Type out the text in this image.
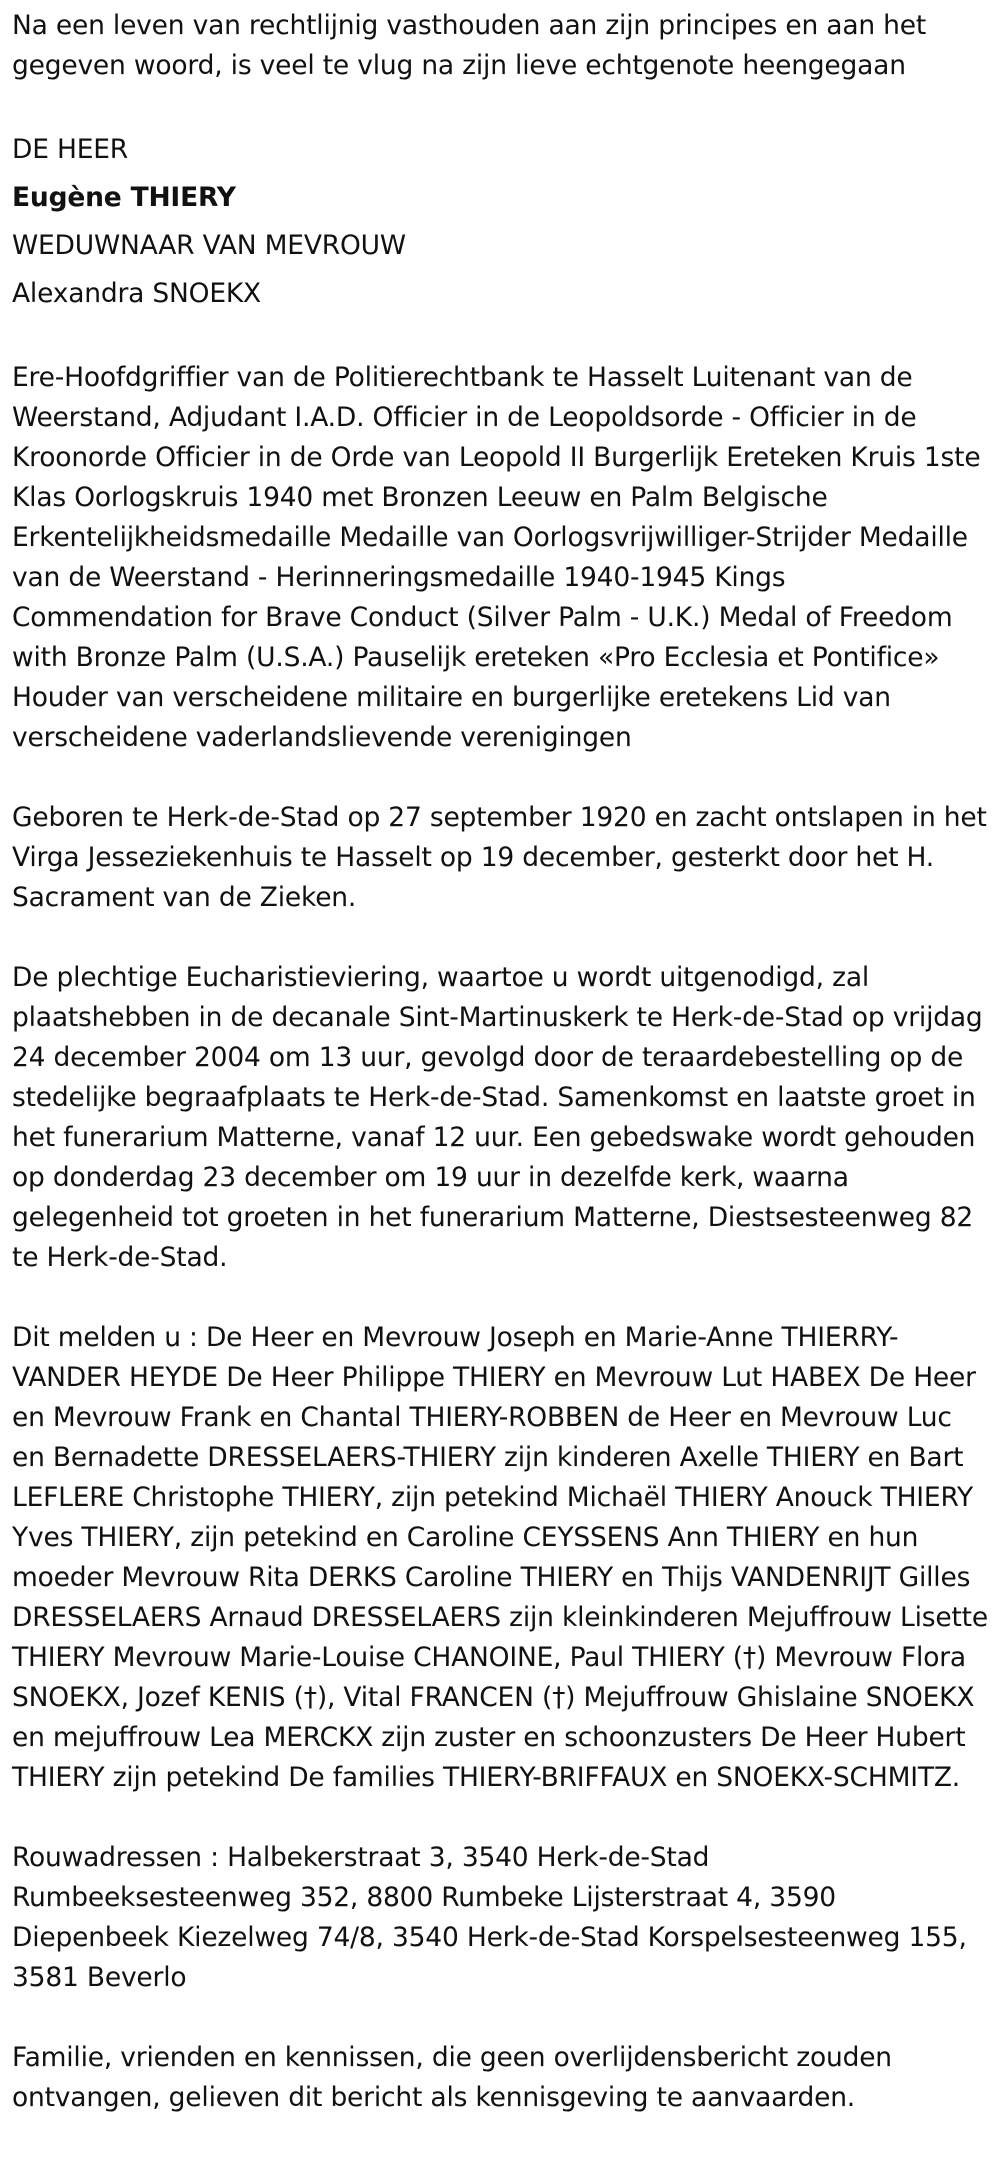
Na een leven van rechtlijnig vasthouden aan zijn principes en aan het gegeven woord, is veel te vlug na zijn lieve echtgenote heengegaan

DE HEER
Eugène THIERY
WEDUWNAAR VAN MEVROUW
Alexandra SNOEKX

Ere-Hoofdgriffier van de Politierechtbank te Hasselt Luitenant van de Weerstand, Adjudant I.A.D. Officier in de Leopoldsorde - Officier in de Kroonorde Officier in de Orde van Leopold II Burgerlijk Ereteken Kruis 1ste Klas Oorlogskruis 1940 met Bronzen Leeuw en Palm Belgische Erkentelijkheidsmedaille Medaille van Oorlogsvrijwilliger-Strijder Medaille van de Weerstand - Herinneringsmedaille 1940-1945 Kings Commendation for Brave Conduct (Silver Palm - U.K.) Medal of Freedom with Bronze Palm (U.S.A.) Pauselijk ereteken «Pro Ecclesia et Pontifice» Houder van verscheidene militaire en burgerlijke eretekens Lid van verscheidene vaderlandslievende verenigingen

Geboren te Herk-de-Stad op 27 september 1920 en zacht ontslapen in het Virga Jesseziekenhuis te Hasselt op 19 december, gesterkt door het H. Sacrament van de Zieken.

De plechtige Eucharistieviering, waartoe u wordt uitgenodigd, zal plaatshebben in de decanale Sint-Martinuskerk te Herk-de-Stad op vrijdag 24 december 2004 om 13 uur, gevolgd door de teraardebestelling op de stedelijke begraafplaats te Herk-de-Stad. Samenkomst en laatste groet in het funerarium Matterne, vanaf 12 uur. Een gebedswake wordt gehouden op donderdag 23 december om 19 uur in dezelfde kerk, waarna gelegenheid tot groeten in het funerarium Matterne, Diestsesteenweg 82 te Herk-de-Stad.

Dit melden u : De Heer en Mevrouw Joseph en Marie-Anne THIERRY-VANDER HEYDE De Heer Philippe THIERY en Mevrouw Lut HABEX De Heer en Mevrouw Frank en Chantal THIERY-ROBBEN de Heer en Mevrouw Luc en Bernadette DRESSELAERS-THIERY zijn kinderen Axelle THIERY en Bart LEFLERE Christophe THIERY, zijn petekind Michaël THIERY Anouck THIERY Yves THIERY, zijn petekind en Caroline CEYSSENS Ann THIERY en hun moeder Mevrouw Rita DERKS Caroline THIERY en Thijs VANDENRIJT Gilles DRESSELAERS Arnaud DRESSELAERS zijn kleinkinderen Mejuffrouw Lisette THIERY Mevrouw Marie-Louise CHANOINE, Paul THIERY (†) Mevrouw Flora SNOEKX, Jozef KENIS (†), Vital FRANCEN (†) Mejuffrouw Ghislaine SNOEKX en mejuffrouw Lea MERCKX zijn zuster en schoonzusters De Heer Hubert THIERY zijn petekind De families THIERY-BRIFFAUX en SNOEKX-SCHMITZ.

Rouwadressen : Halbekerstraat 3, 3540 Herk-de-Stad Rumbeeksesteenweg 352, 8800 Rumbeke Lijsterstraat 4, 3590 Diepenbeek Kiezelweg 74/8, 3540 Herk-de-Stad Korspelsesteenweg 155, 3581 Beverlo

Familie, vrienden en kennissen, die geen overlijdensbericht zouden ontvangen, gelieven dit bericht als kennisgeving te aanvaarden.
